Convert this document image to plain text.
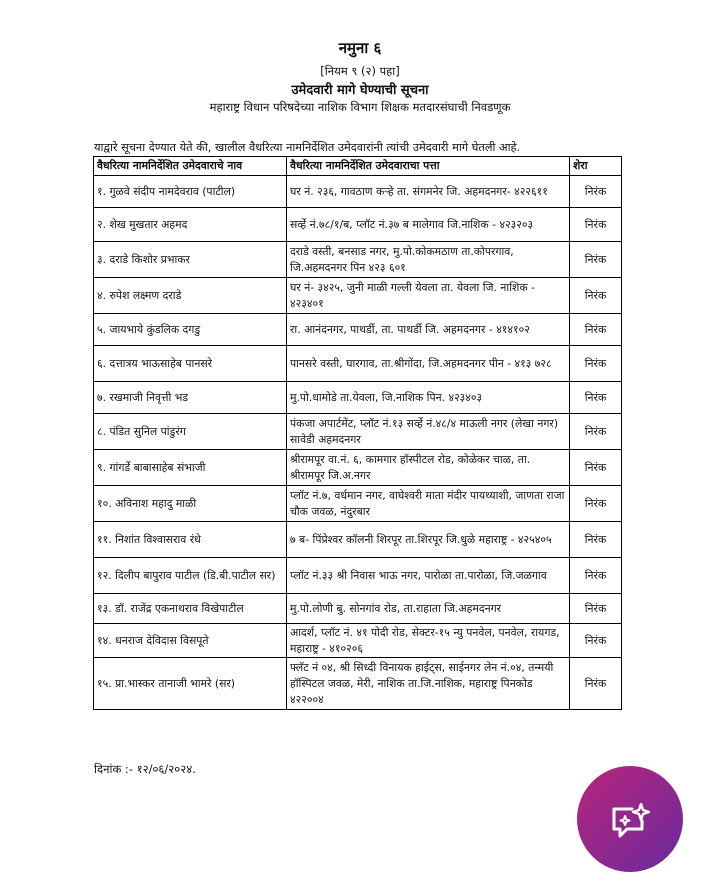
नमुना ६
[नियम ९ (२) पहा]
उमेदवारी मागे घेण्याची सूचना
महाराष्ट्र विधान परिषदेच्या नाशिक विभाग शिक्षक मतदारसंघाची निवडणूक
याद्वारे सूचना देण्यात येते की, खालील वैधरित्या नामनिर्देशित उमेदवारांनी त्यांची उमेदवारी मागे घेतली आहे.
वैधरित्या नामनिर्देशित उमेदवाराचे नाव	वैधरित्या नामनिर्देशित उमेदवाराचा पत्ता	शेरा
१. गुळवे संदीप नामदेवराव (पाटील)	घर नं. २३६, गावठाण कऱ्हे ता. संगमनेर जि. अहमदनगर- ४२२६११	निरंक
२. शेख मुखतार अहमद	सर्व्हे नं.७८/१/ब, प्लॉट नं.३७ ब मालेगाव जि.नाशिक - ४२३२०३	निरंक
३. दराडे किशोर प्रभाकर	दराडे वस्ती, बनसाड नगर, मु.पो.कोकमठाण ता.कोपरगाव, जि.अहमदनगर पिन ४२३ ६०१	निरंक
४. रुपेश लक्ष्मण दराडे	घर नं- ३४२५, जुनी माळी गल्ली येवला ता. येवला जि. नाशिक - ४२३४०१	निरंक
५. जायभाये कुंडलिक दगडु	रा. आनंदनगर, पाथर्डी, ता. पाथर्डी जि. अहमदनगर - ४१४१०२	निरंक
६. दत्तात्रय भाऊसाहेब पानसरे	पानसरे वस्ती, घारगाव, ता.श्रीगोंदा, जि.अहमदनगर पीन - ४१३ ७२८	निरंक
७. रखमाजी निवृत्ती भड	मु.पो.धामोडे ता.येवला, जि.नाशिक पिन. ४२३४०३	निरंक
८. पंडित सुनिल पांडुरंग	पंकजा अपार्टमेंट, प्लॉट नं.१३ सर्व्हे नं.४८/४ माऊली नगर (लेखा नगर) सावेडी अहमदनगर	निरंक
९. गांगर्डे बाबासाहेब संभाजी	श्रीरामपूर वा.नं. ६, कामगार हॉस्पीटल रोड, कोळेकर चाळ, ता. श्रीरामपूर जि.अ.नगर	निरंक
१०. अविनाश महादु माळी	प्लॉट नं.७, वर्धमान नगर, वाघेश्वरी माता मंदीर पायथ्याशी, जाणता राजा चौक जवळ, नंदुरबार	निरंक
११. निशांत विश्वासराव रंधे	७ ब- पिंप्रेश्वर कॉलनी शिरपूर ता.शिरपूर जि.धुळे महाराष्ट्र - ४२५४०५	निरंक
१२. दिलीप बापुराव पाटील (डि.बी.पाटील सर)	प्लॉट नं.३३ श्री निवास भाऊ नगर, पारोळा ता.पारोळा, जि.जळगाव	निरंक
१३. डॉ. राजेंद्र एकनाथराव विखेपाटील	मु.पो.लोणी बु. सोनगांव रोड, ता.राहाता जि.अहमदनगर	निरंक
१४. धनराज देविदास विसपूते	आदर्श, प्लॉट नं. ४१ पोदी रोड, सेक्टर-१५ न्यु पनवेल, पनवेल, रायगड, महाराष्ट्र - ४१०२०६	निरंक
१५. प्रा.भास्कर तानाजी भामरे (सर)	फ्लॅट नं ०४, श्री सिध्दी विनायक हाईट्स, साईनगर लेन नं.०४, तन्मयी हॉस्पिटल जवळ, मेरी, नाशिक ता.जि.नाशिक, महाराष्ट्र पिनकोड ४२२००४	निरंक
दिनांक :- १२/०६/२०२४.
